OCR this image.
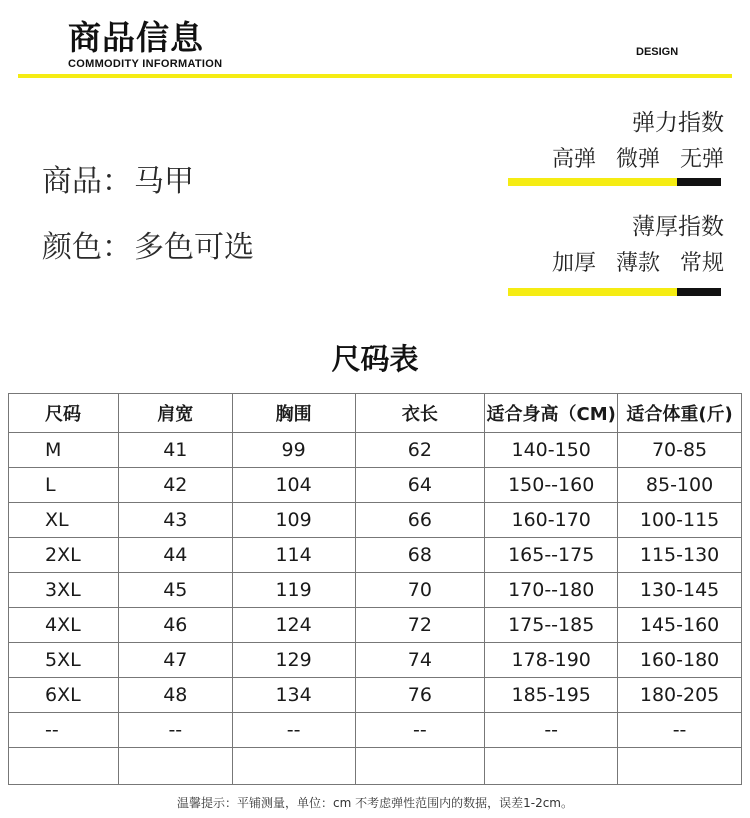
商品信息
COMMODITY INFORMATION
DESIGN
商品：马甲
颜色：多色可选
弹力指数
高弹 微弹 无弹
薄厚指数
加厚 薄款 常规
尺码表
尺码	肩宽	胸围	衣长	适合身高（CM)	适合体重(斤)
M	41	99	62	140-150	70-85
L	42	104	64	150--160	85-100
XL	43	109	66	160-170	100-115
2XL	44	114	68	165--175	115-130
3XL	45	119	70	170--180	130-145
4XL	46	124	72	175--185	145-160
5XL	47	129	74	178-190	160-180
6XL	48	134	76	185-195	180-205
--	--	--	--	--	--

温馨提示：平铺测量，单位：cm 不考虑弹性范围内的数据，误差1-2cm。
